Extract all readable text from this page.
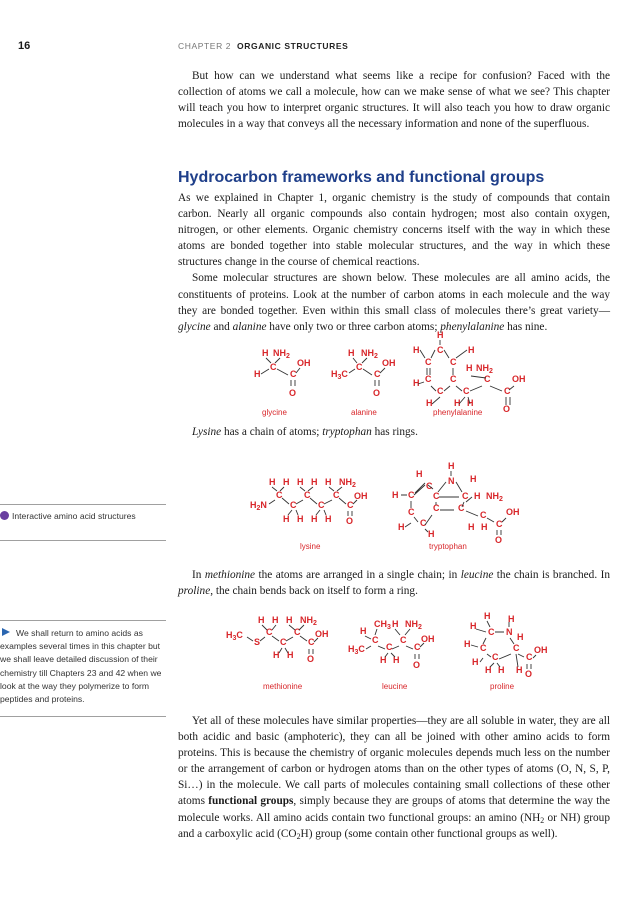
16	CHAPTER 2 ORGANIC STRUCTURES

But how can we understand what seems like a recipe for confusion? Faced with the collection of atoms we call a molecule, how can we make sense of what we see? This chapter will teach you how to interpret organic structures. It will also teach you how to draw organic molecules in a way that conveys all the necessary information and none of the superfluous.

Hydrocarbon frameworks and functional groups

As we explained in Chapter 1, organic chemistry is the study of compounds that contain carbon. Nearly all organic compounds also contain hydrogen; most also contain oxygen, nitrogen, or other elements. Organic chemistry concerns itself with the way in which these atoms are bonded together into stable molecular structures, and the way in which these structures change in the course of chemical reactions.

Some molecular structures are shown below. These molecules are all amino acids, the constituents of proteins. Look at the number of carbon atoms in each molecule and the way they are bonded together. Even within this small class of molecules there’s great variety—glycine and alanine have only two or three carbon atoms; phenylalanine has nine.

H $NH_2$
H
C
C
OH
O
glycine
H $NH_2$
$H_3C$
C
C
OH
O
alanine
H
C
H	H
C C
C C
H
C
H
C
H $NH_2$
C
C
OH
O
H H
phenylalanine

Lysine has a chain of atoms; tryptophan has rings.

H H H H H $NH_2$
$H_2N$
C
C
C
C
C
C
OH
O
H H H H
lysine
H
N
H
C
H
H C C	C
C C C
H C
H
H $NH_2$
C
C
OH
O
H H
tryptophan

In methionine the atoms are arranged in a single chain; in leucine the chain is branched. In proline, the chain bends back on itself to form a ring.

H H H $NH_2$
$H_3C$
S
C
C
C
C
OH
O
H H
methionine
$CH_3$ H $NH_2$
H
C
$H_3C$ C
C
C
OH
O
H H
leucine
H H
H
C N H
H C	C
H C	C
OH
O
H H H
proline

Yet all of these molecules have similar properties—they are all soluble in water, they are all both acidic and basic (amphoteric), they can all be joined with other amino acids to form proteins. This is because the chemistry of organic molecules depends much less on the number or the arrangement of carbon or hydrogen atoms than on the other types of atoms (O, N, S, P, Si…) in the molecule. We call parts of molecules containing small collections of these other atoms functional groups, simply because they are groups of atoms that determine the way the molecule works. All amino acids contain two functional groups: an amino ($NH_2$ or NH) group and a carboxylic acid $(CO_2H)$ group (some contain other functional groups as well).

Interactive amino acid structures
We shall return to amino acids as examples several times in this chapter but we shall leave detailed discussion of their chemistry till Chapters 23 and 42 when we look at the way they polymerize to form peptides and proteins.
